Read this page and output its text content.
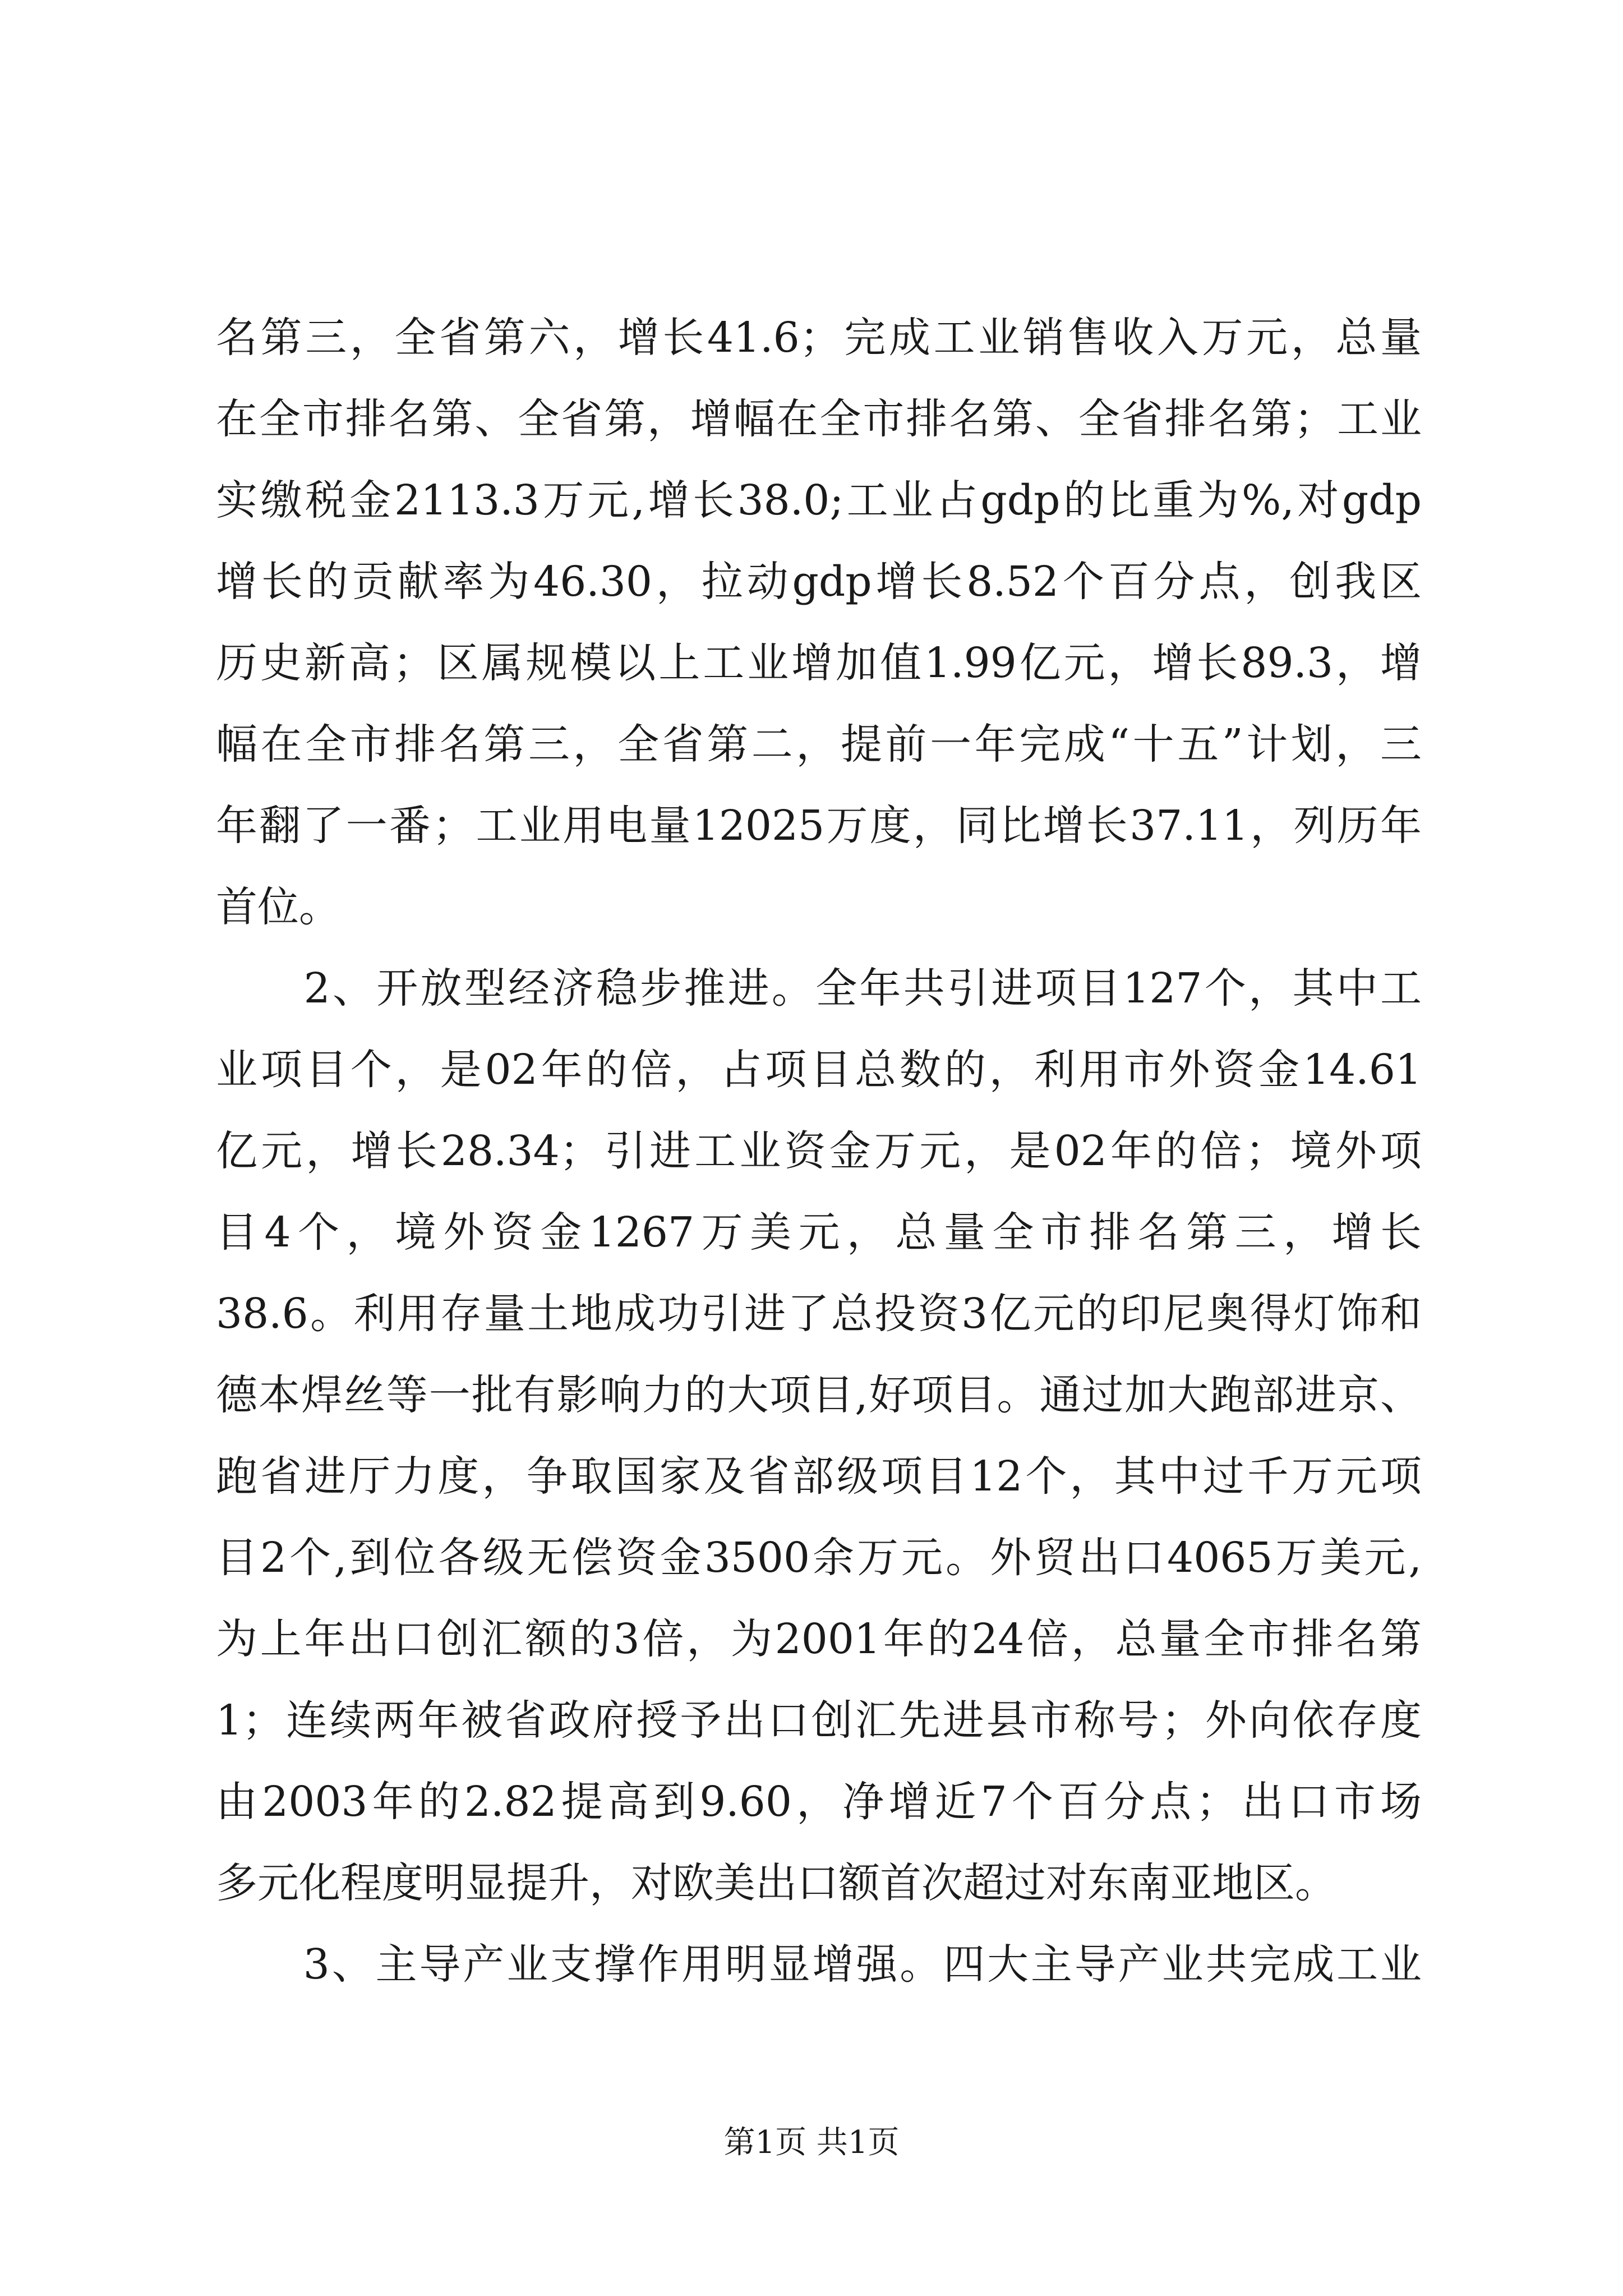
名第三，全省第六，增长41.6；完成工业销售收入万元，总量
在全市排名第、全省第，增幅在全市排名第、全省排名第；工业
实缴税金2113.3万元,增长38.0;工业占gdp的比重为%,对gdp
增长的贡献率为46.30，拉动gdp增长8.52个百分点，创我区
历史新高；区属规模以上工业增加值1.99亿元，增长89.3，增
幅在全市排名第三，全省第二，提前一年完成“十五”计划，三
年翻了一番；工业用电量12025万度，同比增长37.11，列历年
首位。
　　2、开放型经济稳步推进。全年共引进项目127个，其中工
业项目个，是02年的倍，占项目总数的，利用市外资金14.61
亿元，增长28.34；引进工业资金万元，是02年的倍；境外项
目4个，境外资金1267万美元，总量全市排名第三，增长
38.6。利用存量土地成功引进了总投资3亿元的印尼奥得灯饰和
德本焊丝等一批有影响力的大项目,好项目。通过加大跑部进京、
跑省进厅力度，争取国家及省部级项目12个，其中过千万元项
目2个,到位各级无偿资金3500余万元。外贸出口4065万美元,
为上年出口创汇额的3倍，为2001年的24倍，总量全市排名第
1；连续两年被省政府授予出口创汇先进县市称号；外向依存度
由2003年的2.82提高到9.60，净增近7个百分点；出口市场
多元化程度明显提升，对欧美出口额首次超过对东南亚地区。
　　3、主导产业支撑作用明显增强。四大主导产业共完成工业
第1页 共1页
